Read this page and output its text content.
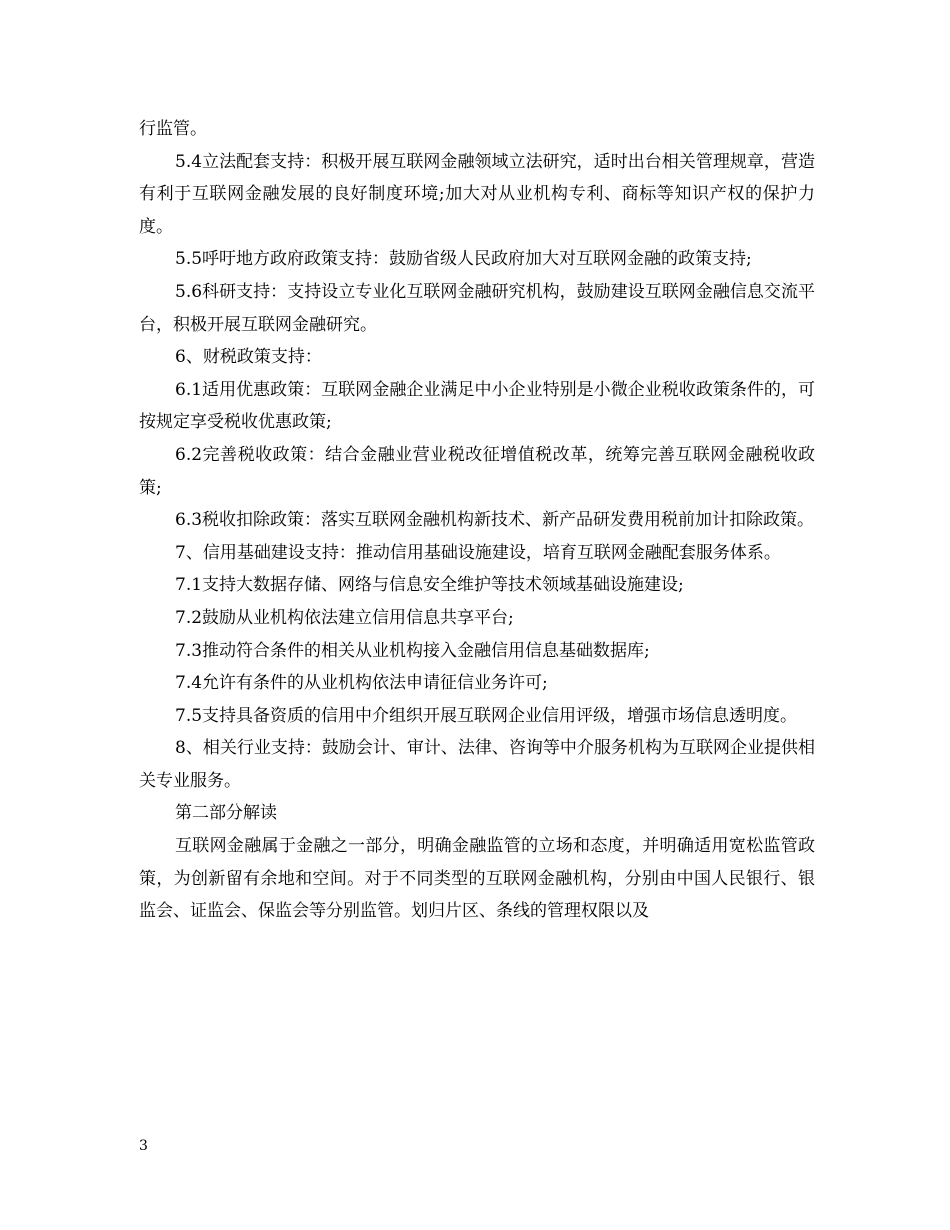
行监管。

5.4立法配套支持：积极开展互联网金融领域立法研究，适时出台相关管理规章，营造有利于互联网金融发展的良好制度环境;加大对从业机构专利、商标等知识产权的保护力度。

5.5呼吁地方政府政策支持：鼓励省级人民政府加大对互联网金融的政策支持;

5.6科研支持：支持设立专业化互联网金融研究机构，鼓励建设互联网金融信息交流平台，积极开展互联网金融研究。

6、财税政策支持：

6.1适用优惠政策：互联网金融企业满足中小企业特别是小微企业税收政策条件的，可按规定享受税收优惠政策;

6.2完善税收政策：结合金融业营业税改征增值税改革，统筹完善互联网金融税收政策;

6.3税收扣除政策：落实互联网金融机构新技术、新产品研发费用税前加计扣除政策。

7、信用基础建设支持：推动信用基础设施建设，培育互联网金融配套服务体系。

7.1支持大数据存储、网络与信息安全维护等技术领域基础设施建设;

7.2鼓励从业机构依法建立信用信息共享平台;

7.3推动符合条件的相关从业机构接入金融信用信息基础数据库;

7.4允许有条件的从业机构依法申请征信业务许可;

7.5支持具备资质的信用中介组织开展互联网企业信用评级，增强市场信息透明度。

8、相关行业支持：鼓励会计、审计、法律、咨询等中介服务机构为互联网企业提供相关专业服务。

第二部分解读

互联网金融属于金融之一部分，明确金融监管的立场和态度，并明确适用宽松监管政策，为创新留有余地和空间。对于不同类型的互联网金融机构，分别由中国人民银行、银监会、证监会、保监会等分别监管。划归片区、条线的管理权限以及

3
